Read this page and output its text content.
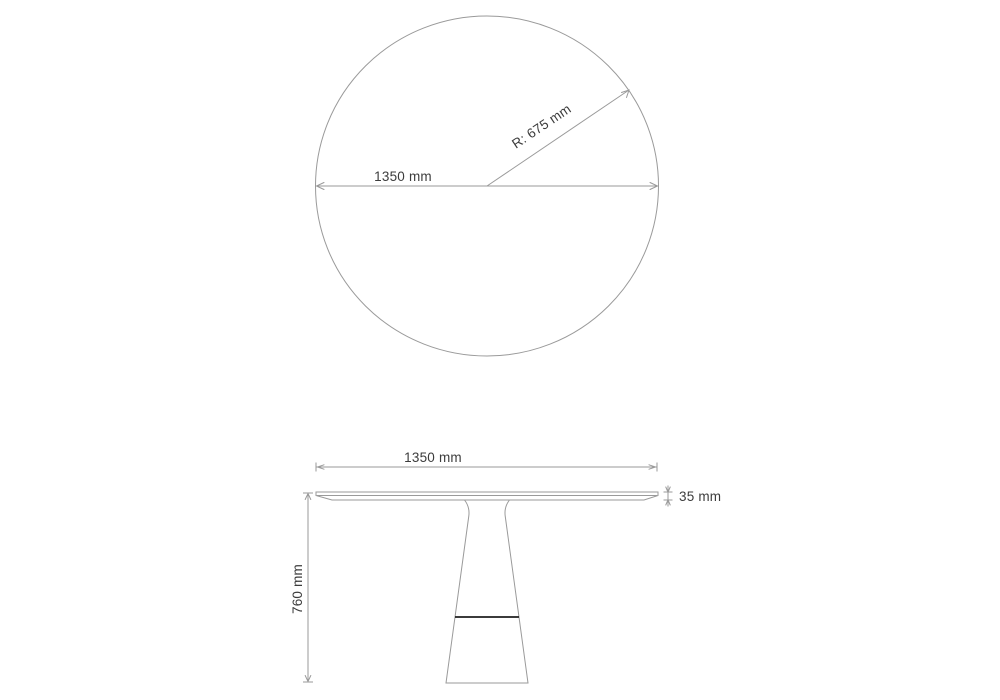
1350 mm
R: 675 mm
1350 mm
35 mm
760 mm
